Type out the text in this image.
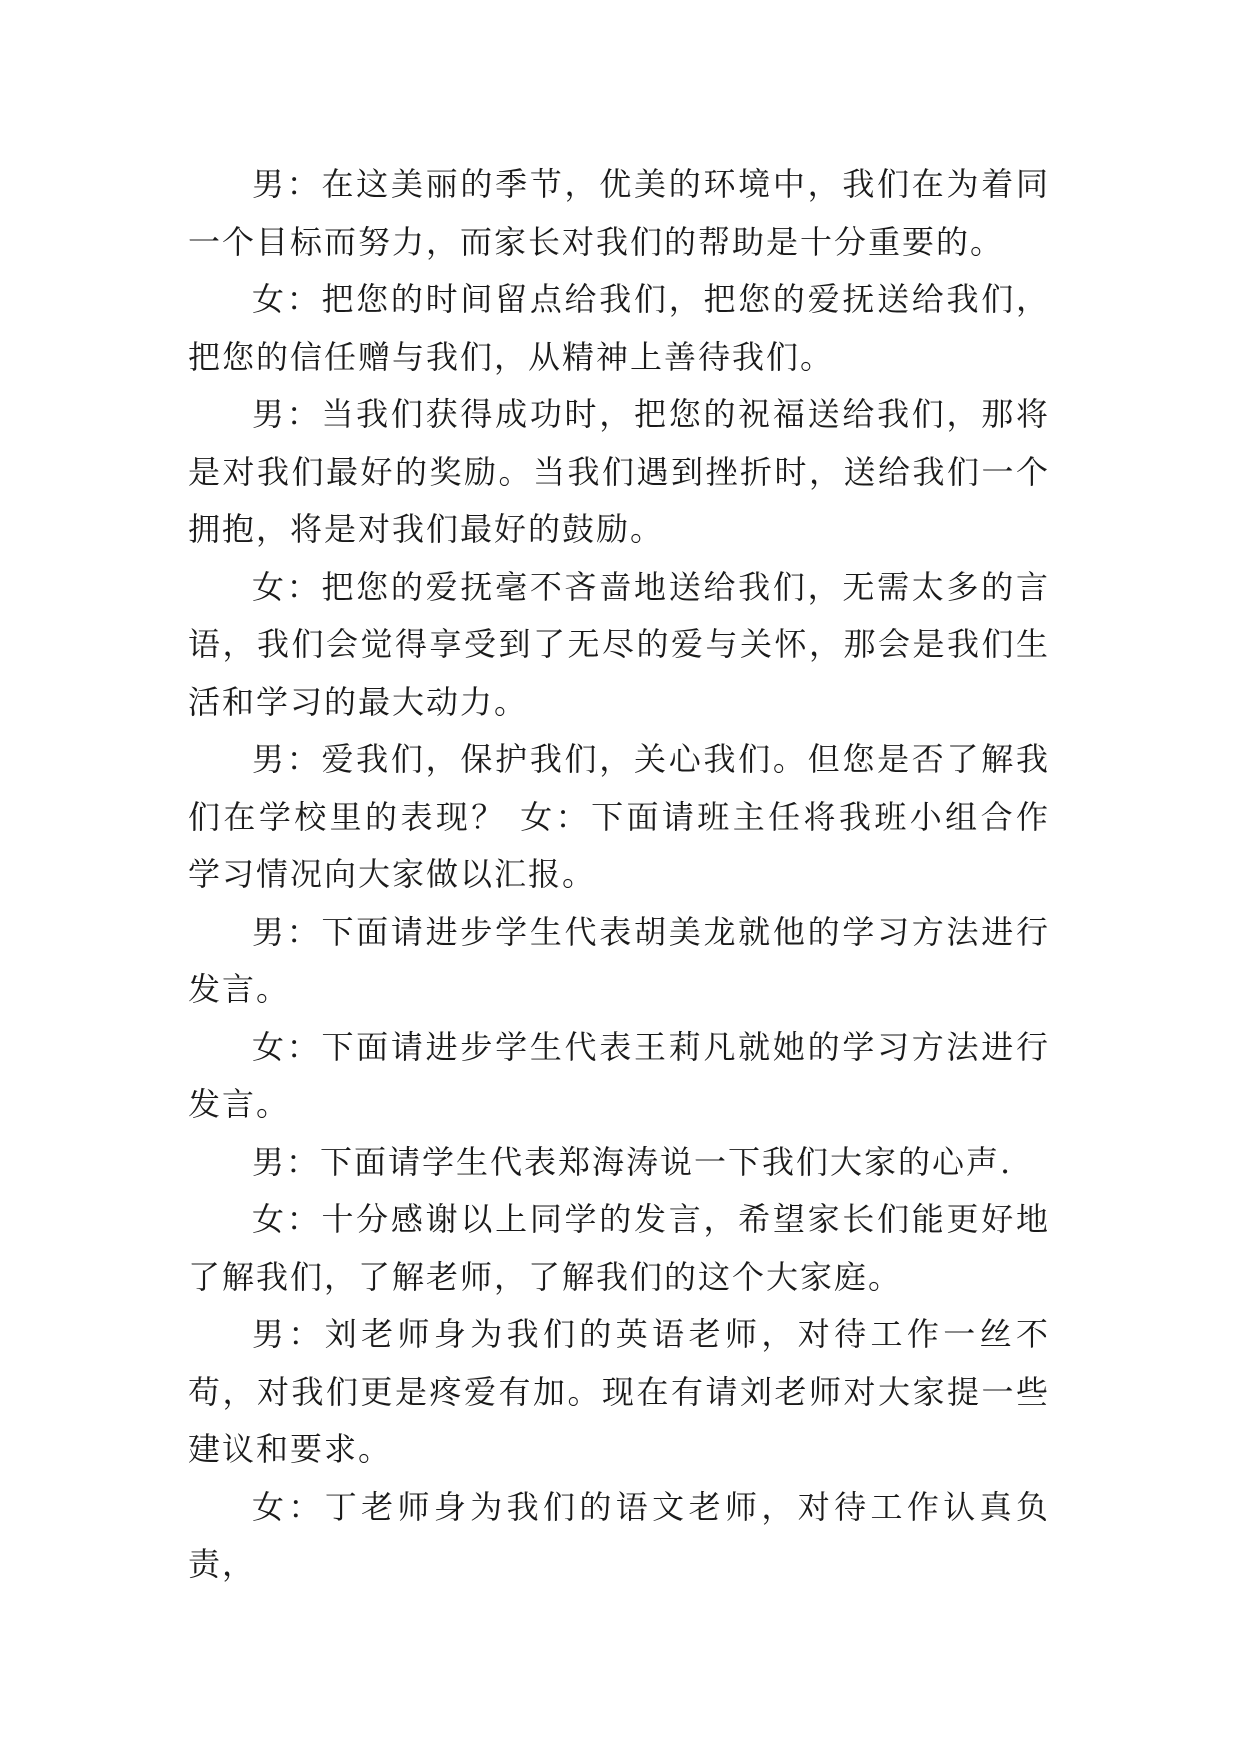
男：在这美丽的季节，优美的环境中，我们在为着同一个目标而努力，而家长对我们的帮助是十分重要的。

女：把您的时间留点给我们，把您的爱抚送给我们，把您的信任赠与我们，从精神上善待我们。

男：当我们获得成功时，把您的祝福送给我们，那将是对我们最好的奖励。当我们遇到挫折时，送给我们一个拥抱，将是对我们最好的鼓励。

女：把您的爱抚毫不吝啬地送给我们，无需太多的言语，我们会觉得享受到了无尽的爱与关怀，那会是我们生活和学习的最大动力。

男：爱我们，保护我们，关心我们。但您是否了解我们在学校里的表现？ 女：下面请班主任将我班小组合作学习情况向大家做以汇报。

男：下面请进步学生代表胡美龙就他的学习方法进行发言。

女：下面请进步学生代表王莉凡就她的学习方法进行发言。

男：下面请学生代表郑海涛说一下我们大家的心声.

女：十分感谢以上同学的发言，希望家长们能更好地了解我们，了解老师，了解我们的这个大家庭。

男：刘老师身为我们的英语老师，对待工作一丝不苟，对我们更是疼爱有加。现在有请刘老师对大家提一些建议和要求。

女：丁老师身为我们的语文老师，对待工作认真负责，
